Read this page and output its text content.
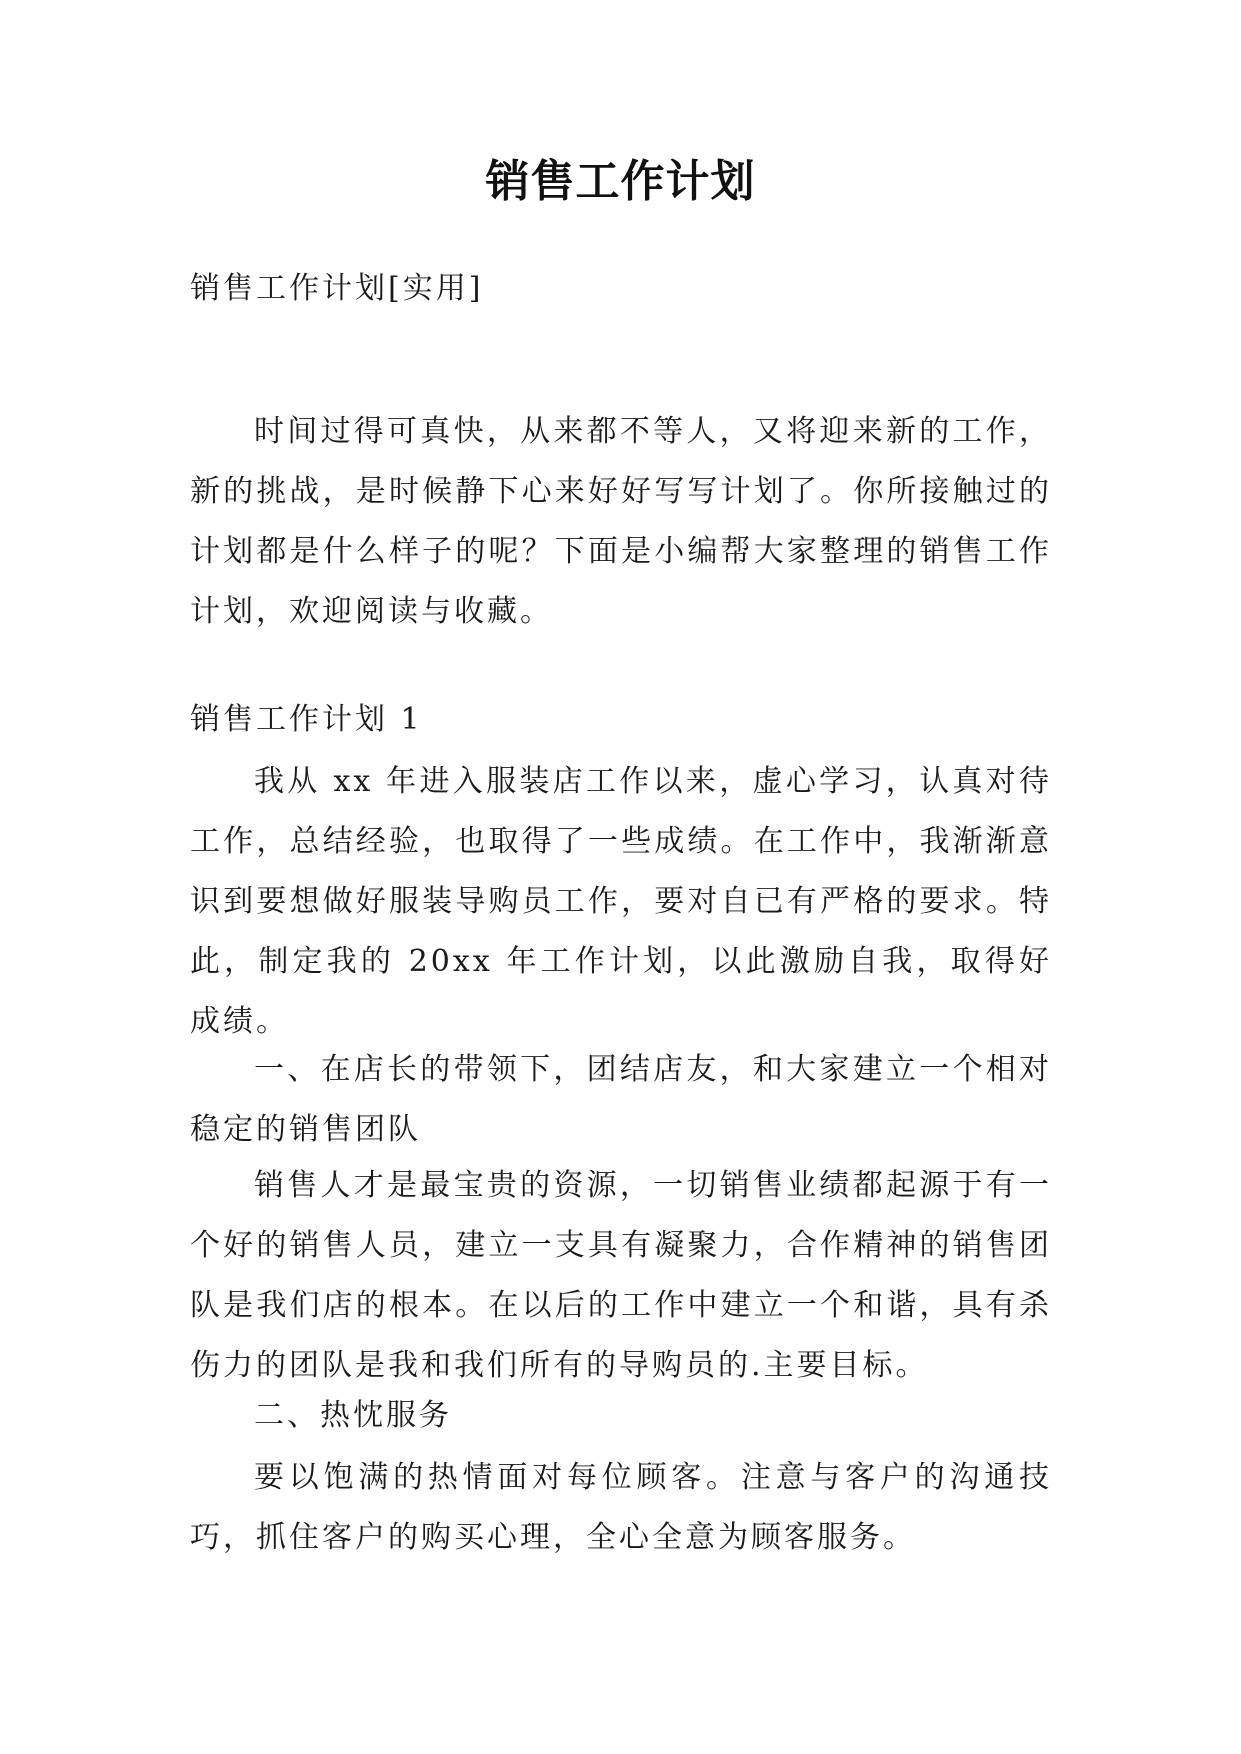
销售工作计划

销售工作计划[实用]

时间过得可真快，从来都不等人，又将迎来新的工作，新的挑战，是时候静下心来好好写写计划了。你所接触过的计划都是什么样子的呢？下面是小编帮大家整理的销售工作计划，欢迎阅读与收藏。

销售工作计划 1

我从 xx 年进入服装店工作以来，虚心学习，认真对待工作，总结经验，也取得了一些成绩。在工作中，我渐渐意识到要想做好服装导购员工作，要对自已有严格的要求。特此，制定我的 20xx 年工作计划，以此激励自我，取得好成绩。

一、在店长的带领下，团结店友，和大家建立一个相对稳定的销售团队

销售人才是最宝贵的资源，一切销售业绩都起源于有一个好的销售人员，建立一支具有凝聚力，合作精神的销售团队是我们店的根本。在以后的工作中建立一个和谐，具有杀伤力的团队是我和我们所有的导购员的.主要目标。

二、热忱服务

要以饱满的热情面对每位顾客。注意与客户的沟通技巧，抓住客户的购买心理，全心全意为顾客服务。
